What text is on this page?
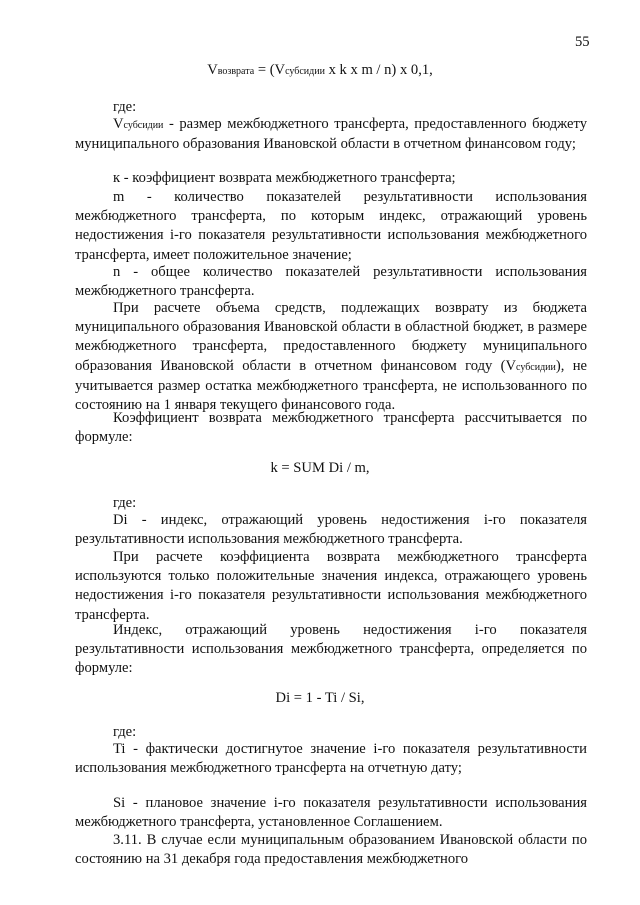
55

Vвозврата = (Vсубсидии x k x m / n) x 0,1,

где:

Vсубсидии - размер межбюджетного трансферта, предоставленного бюджету муниципального образования Ивановской области в отчетном финансовом году;

к - коэффициент возврата межбюджетного трансферта;

m - количество показателей результативности использования межбюджетного трансферта, по которым индекс, отражающий уровень недостижения i-го показателя результативности использования межбюджетного трансферта, имеет положительное значение;

n - общее количество показателей результативности использования межбюджетного трансферта.

При расчете объема средств, подлежащих возврату из бюджета муниципального образования Ивановской области в областной бюджет, в размере межбюджетного трансферта, предоставленного бюджету муниципального образования Ивановской области в отчетном финансовом году (Vсубсидии), не учитывается размер остатка межбюджетного трансферта, не использованного по состоянию на 1 января текущего финансового года.

Коэффициент возврата межбюджетного трансферта рассчитывается по формуле:

k = SUM Di / m,

где:

Di - индекс, отражающий уровень недостижения i-го показателя результативности использования межбюджетного трансферта.

При расчете коэффициента возврата межбюджетного трансферта используются только положительные значения индекса, отражающего уровень недостижения i-го показателя результативности использования межбюджетного трансферта.

Индекс, отражающий уровень недостижения i-го показателя результативности использования межбюджетного трансферта, определяется по формуле:

Di = 1 - Ti / Si,

где:

Ti - фактически достигнутое значение i-го показателя результативности использования межбюджетного трансферта на отчетную дату;

Si - плановое значение i-го показателя результативности использования межбюджетного трансферта, установленное Соглашением.

3.11. В случае если муниципальным образованием Ивановской области по состоянию на 31 декабря года предоставления межбюджетного
